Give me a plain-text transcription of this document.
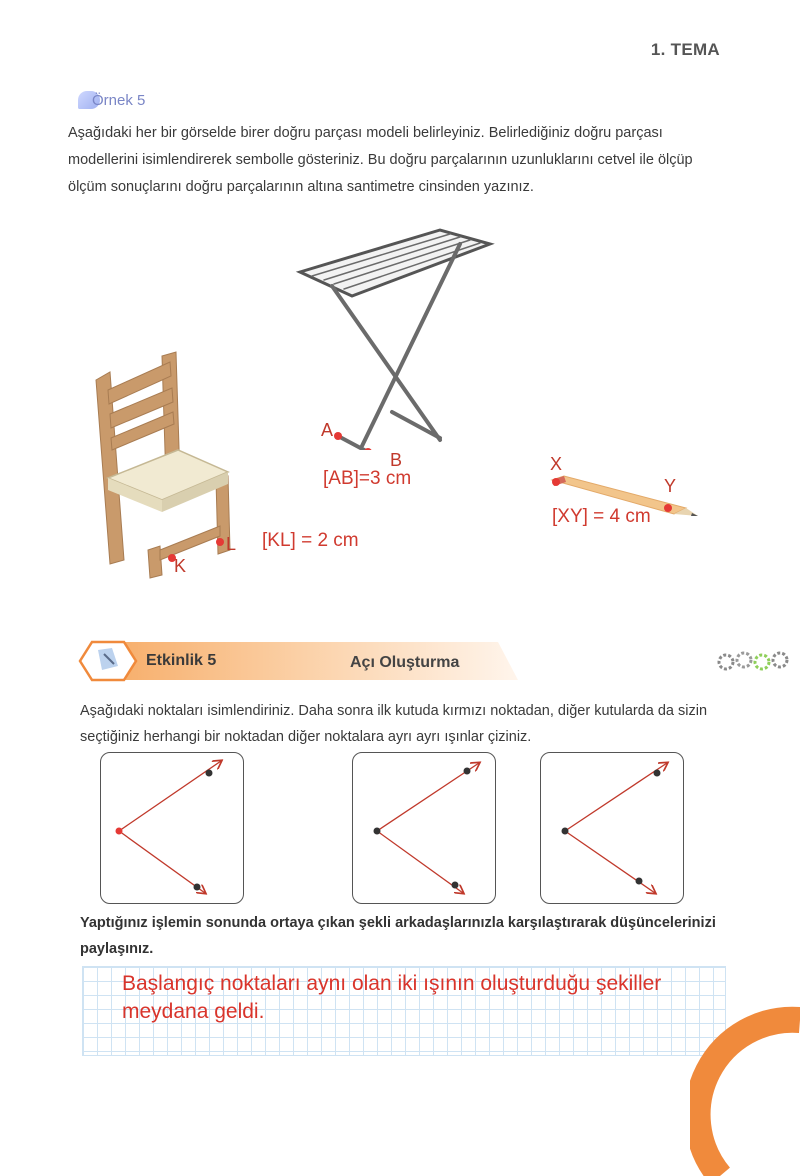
1. TEMA
Örnek 5
Aşağıdaki her bir görselde birer doğru parçası modeli belirleyiniz. Belirlediğiniz doğru parçası modellerini isimlendirerek sembolle gösteriniz. Bu doğru parçalarının uzunluklarını cetvel ile ölçüp ölçüm sonuçlarını doğru parçalarının altına santimetre cinsinden yazınız.
A
B
[AB]=3 cm
K
L [KL] = 2 cm
X
Y
[XY] = 4 cm
Etkinlik 5	Açı Oluşturma
Aşağıdaki noktaları isimlendiriniz. Daha sonra ilk kutuda kırmızı noktadan, diğer kutularda da sizin seçtiğiniz herhangi bir noktadan diğer noktalara ayrı ayrı ışınlar çiziniz.
Yaptığınız işlemin sonunda ortaya çıkan şekli arkadaşlarınızla karşılaştırarak düşüncelerinizi paylaşınız.
Başlangıç noktaları aynı olan iki ışının oluşturduğu şekiller meydana geldi.
